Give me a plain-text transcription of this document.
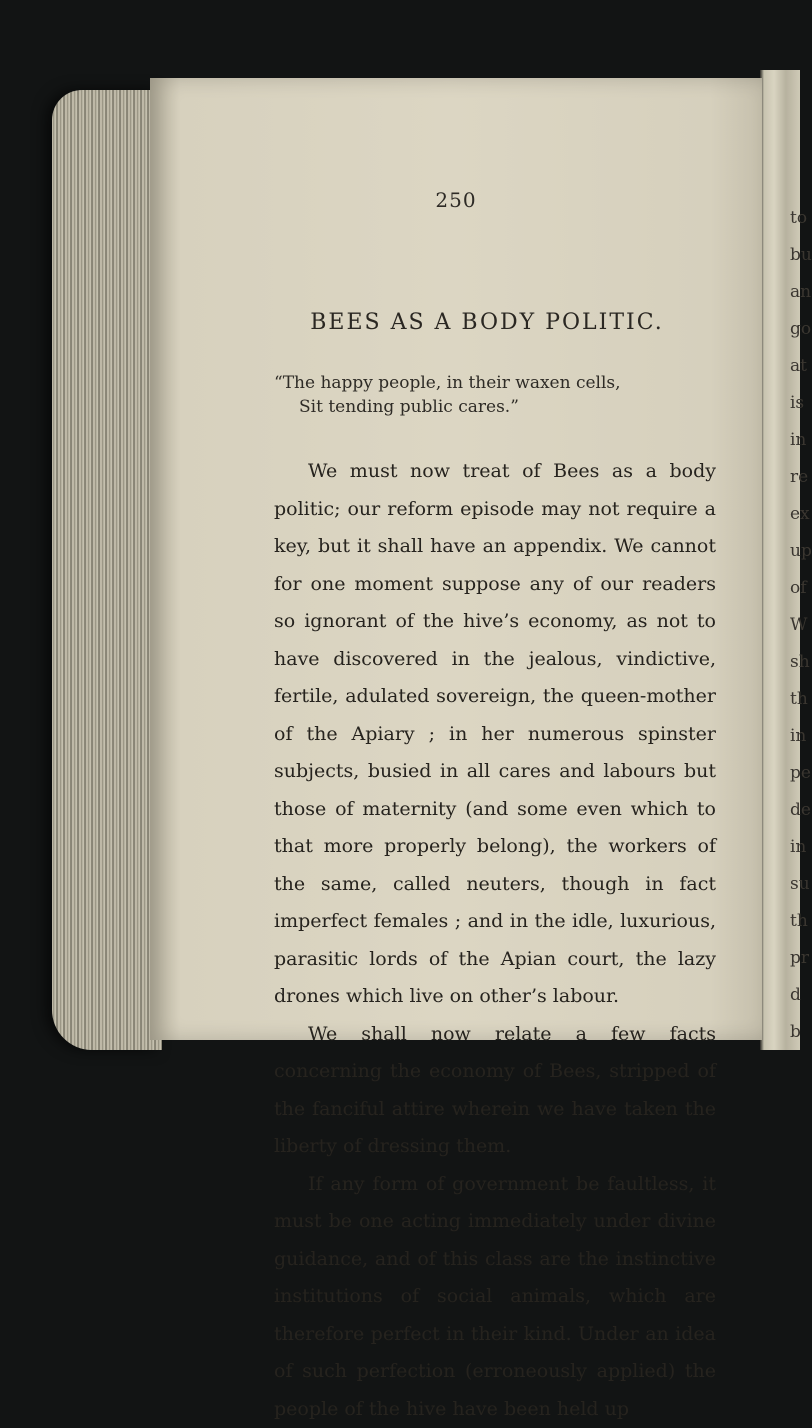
to
bu
an
go
at
is
in
re
ex
up
of
W
sh
th
in
pe
de
in
su
th
pr
d
b
250
BEES AS A BODY POLITIC.
“The happy people, in their waxen cells,
Sit tending public cares.”

We must now treat of Bees as a body politic; our reform episode may not require a key, but it shall have an appendix. We cannot for one moment suppose any of our readers so ignorant of the hive’s economy, as not to have discovered in the jealous, vindictive, fertile, adulated sovereign, the queen-mother of the Apiary ; in her numerous spinster subjects, busied in all cares and labours but those of maternity (and some even which to that more properly belong), the workers of the same, called neuters, though in fact imperfect females ; and in the idle, luxurious, parasitic lords of the Apian court, the lazy drones which live on other’s labour.

We shall now relate a few facts concerning the economy of Bees, stripped of the fanciful attire wherein we have taken the liberty of dressing them.

If any form of government be faultless, it must be one acting immediately under divine guidance, and of this class are the instinctive institutions of social animals, which are therefore perfect in their kind. Under an idea of such perfection (erroneously applied) the people of the hive have been held up
